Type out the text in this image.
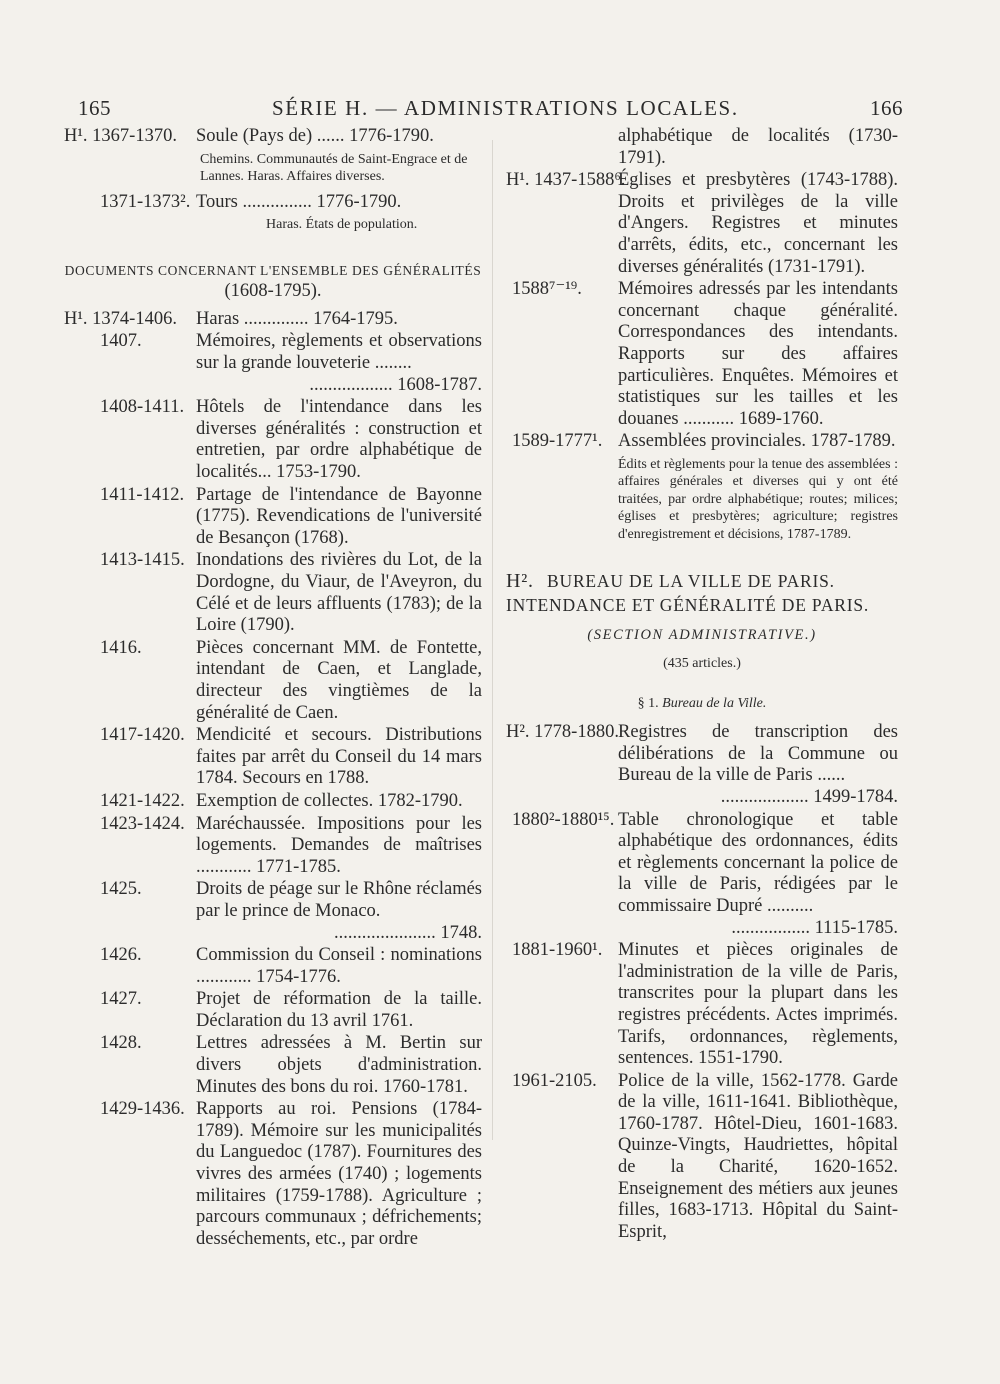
165	SÉRIE H. — ADMINISTRATIONS LOCALES.	166
H¹. 1367-1370.	Soule (Pays de) ...... 1776-1790.
Chemins. Communautés de Saint-Engrace et de Lannes. Haras. Affaires diverses.
1371-1373². Tours ............... 1776-1790.
Haras. États de population.
DOCUMENTS CONCERNANT L'ENSEMBLE DES GÉNÉRALITÉS
(1608-1795).
H¹. 1374-1406.	Haras .............. 1764-1795.
1407.	Mémoires, règlements et observations sur la grande louveterie ........
.................. 1608-1787.
1408-1411. Hôtels de l'intendance dans les diverses généralités : construction et entretien, par ordre alphabétique de localités... 1753-1790.
1411-1412. Partage de l'intendance de Bayonne (1775). Revendications de l'université de Besançon (1768).
1413-1415. Inondations des rivières du Lot, de la Dordogne, du Viaur, de l'Aveyron, du Célé et de leurs affluents (1783); de la Loire (1790).
1416.	Pièces concernant MM. de Fontette, intendant de Caen, et Langlade, directeur des vingtièmes de la généralité de Caen.
1417-1420. Mendicité et secours. Distributions faites par arrêt du Conseil du 14 mars 1784. Secours en 1788.
1421-1422. Exemption de collectes. 1782-1790.
1423-1424. Maréchaussée. Impositions pour les logements. Demandes de maîtrises ............ 1771-1785.
1425.	Droits de péage sur le Rhône réclamés par le prince de Monaco.
...................... 1748.
1426.	Commission du Conseil : nominations ............ 1754-1776.
1427.	Projet de réformation de la taille. Déclaration du 13 avril 1761.
1428.	Lettres adressées à M. Bertin sur divers objets d'administration. Minutes des bons du roi. 1760-1781.
1429-1436. Rapports au roi. Pensions (1784-1789). Mémoire sur les municipalités du Languedoc (1787). Fournitures des vivres des armées (1740) ; logements militaires (1759-1788). Agriculture ; parcours communaux ; défrichements; desséchements, etc., par ordre
alphabétique de localités (1730-1791).
H¹. 1437-1588⁶.
Églises et presbytères (1743-1788). Droits et privilèges de la ville d'Angers. Registres et minutes d'arrêts, édits, etc., concernant les diverses généralités (1731-1791).
1588⁷⁻¹⁹.	Mémoires adressés par les intendants concernant chaque généralité. Correspondances des intendants. Rapports sur des affaires particulières. Enquêtes. Mémoires et statistiques sur les tailles et les douanes ........... 1689-1760.
1589-1777¹. Assemblées provinciales. 1787-1789.
Édits et règlements pour la tenue des assemblées : affaires générales et diverses qui y ont été traitées, par ordre alphabétique; routes; milices; églises et presbytères; agriculture; registres d'enregistrement et décisions, 1787-1789.
H². BUREAU DE LA VILLE DE PARIS. INTENDANCE ET GÉNÉRALITÉ DE PARIS.
(SECTION ADMINISTRATIVE.)
(435 articles.)
§ 1. Bureau de la Ville.
H². 1778-1880. Registres de transcription des délibérations de la Commune ou Bureau de la ville de Paris ......
................... 1499-1784.
1880²-1880¹⁵. Table chronologique et table alphabétique des ordonnances, édits et règlements concernant la police de la ville de Paris, rédigées par le commissaire Dupré ..........
................. 1115-1785.
1881-1960¹. Minutes et pièces originales de l'administration de la ville de Paris, transcrites pour la plupart dans les registres précédents. Actes imprimés. Tarifs, ordonnances, règlements, sentences. 1551-1790.
1961-2105.	Police de la ville, 1562-1778. Garde de la ville, 1611-1641. Bibliothèque, 1760-1787. Hôtel-Dieu, 1601-1683. Quinze-Vingts, Haudriettes, hôpital de la Charité, 1620-1652. Enseignement des métiers aux jeunes filles, 1683-1713. Hôpital du Saint-Esprit,
